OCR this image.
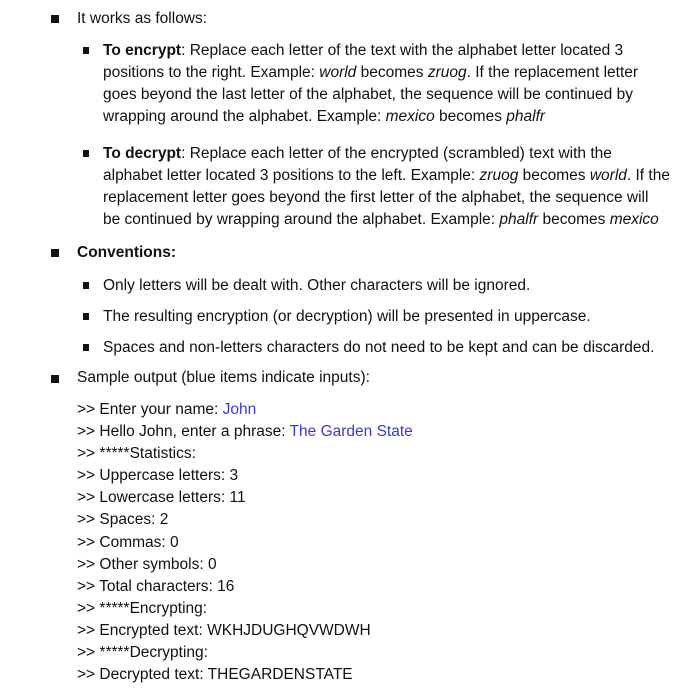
It works as follows:
To encrypt: Replace each letter of the text with the alphabet letter located 3
positions to the right. Example: world becomes zruog. If the replacement letter
goes beyond the last letter of the alphabet, the sequence will be continued by
wrapping around the alphabet. Example: mexico becomes phalfr
To decrypt: Replace each letter of the encrypted (scrambled) text with the
alphabet letter located 3 positions to the left. Example: zruog becomes world. If the
replacement letter goes beyond the first letter of the alphabet, the sequence will
be continued by wrapping around the alphabet. Example: phalfr becomes mexico
Conventions:
Only letters will be dealt with. Other characters will be ignored.
The resulting encryption (or decryption) will be presented in uppercase.
Spaces and non-letters characters do not need to be kept and can be discarded.
Sample output (blue items indicate inputs):
>> Enter your name: John
>> Hello John, enter a phrase: The Garden State
>> *****Statistics:
>> Uppercase letters: 3
>> Lowercase letters: 11
>> Spaces: 2
>> Commas: 0
>> Other symbols: 0
>> Total characters: 16
>> *****Encrypting:
>> Encrypted text: WKHJDUGHQVWDWH
>> *****Decrypting:
>> Decrypted text: THEGARDENSTATE
